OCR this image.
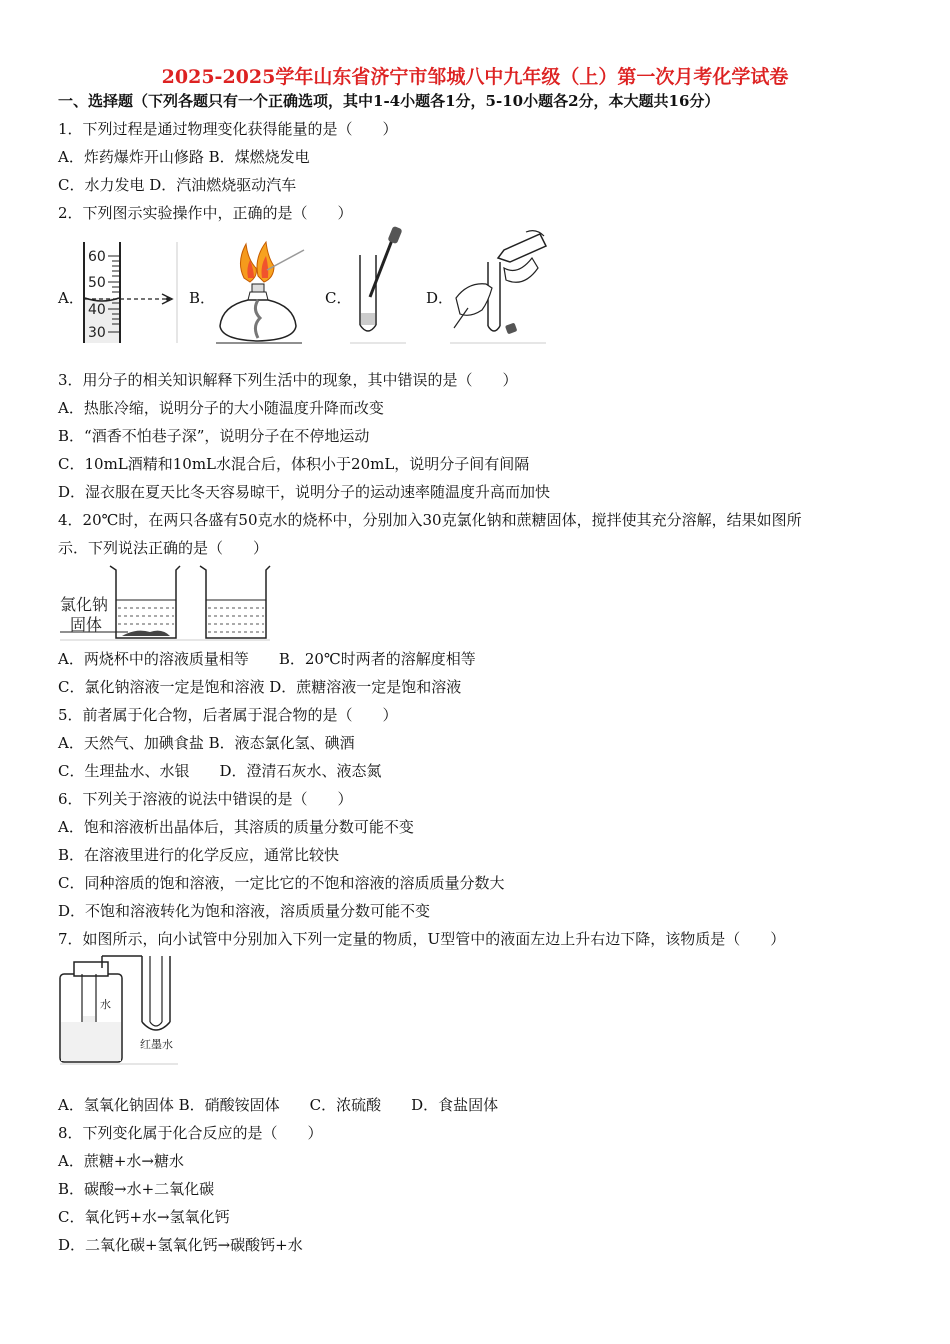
2025-2025学年山东省济宁市邹城八中九年级（上）第一次月考化学试卷
一、选择题（下列各题只有一个正确选项，其中1-4小题各1分，5-10小题各2分，本大题共16分）
1．下列过程是通过物理变化获得能量的是（　　）
A．炸药爆炸开山修路 B．煤燃烧发电
C．水力发电 D．汽油燃烧驱动汽车
2．下列图示实验操作中，正确的是（　　）
A．
60
50
40
30
B．	C．	D．
3．用分子的相关知识解释下列生活中的现象，其中错误的是（　　）
A．热胀冷缩，说明分子的大小随温度升降而改变
B．“酒香不怕巷子深”，说明分子在不停地运动
C．10mL酒精和10mL水混合后，体积小于20mL，说明分子间有间隔
D．湿衣服在夏天比冬天容易晾干，说明分子的运动速率随温度升高而加快
4．20℃时，在两只各盛有50克水的烧杯中，分别加入30克氯化钠和蔗糖固体，搅拌使其充分溶解，结果如图所
示．下列说法正确的是（　　）
氯化钠
固体
A．两烧杯中的溶液质量相等　　B．20℃时两者的溶解度相等
C．氯化钠溶液一定是饱和溶液 D．蔗糖溶液一定是饱和溶液
5．前者属于化合物，后者属于混合物的是（　　）
A．天然气、加碘食盐 B．液态氯化氢、碘酒
C．生理盐水、水银　　D．澄清石灰水、液态氮
6．下列关于溶液的说法中错误的是（　　）
A．饱和溶液析出晶体后，其溶质的质量分数可能不变
B．在溶液里进行的化学反应，通常比较快
C．同种溶质的饱和溶液，一定比它的不饱和溶液的溶质质量分数大
D．不饱和溶液转化为饱和溶液，溶质质量分数可能不变
7．如图所示，向小试管中分别加入下列一定量的物质，U型管中的液面左边上升右边下降，该物质是（　　）
水
红墨水
A．氢氧化钠固体 B．硝酸铵固体　　C．浓硫酸　　D．食盐固体
8．下列变化属于化合反应的是（　　）
A．蔗糖+水→糖水
B．碳酸→水+二氧化碳
C．氧化钙+水→氢氧化钙
D．二氧化碳+氢氧化钙→碳酸钙+水
